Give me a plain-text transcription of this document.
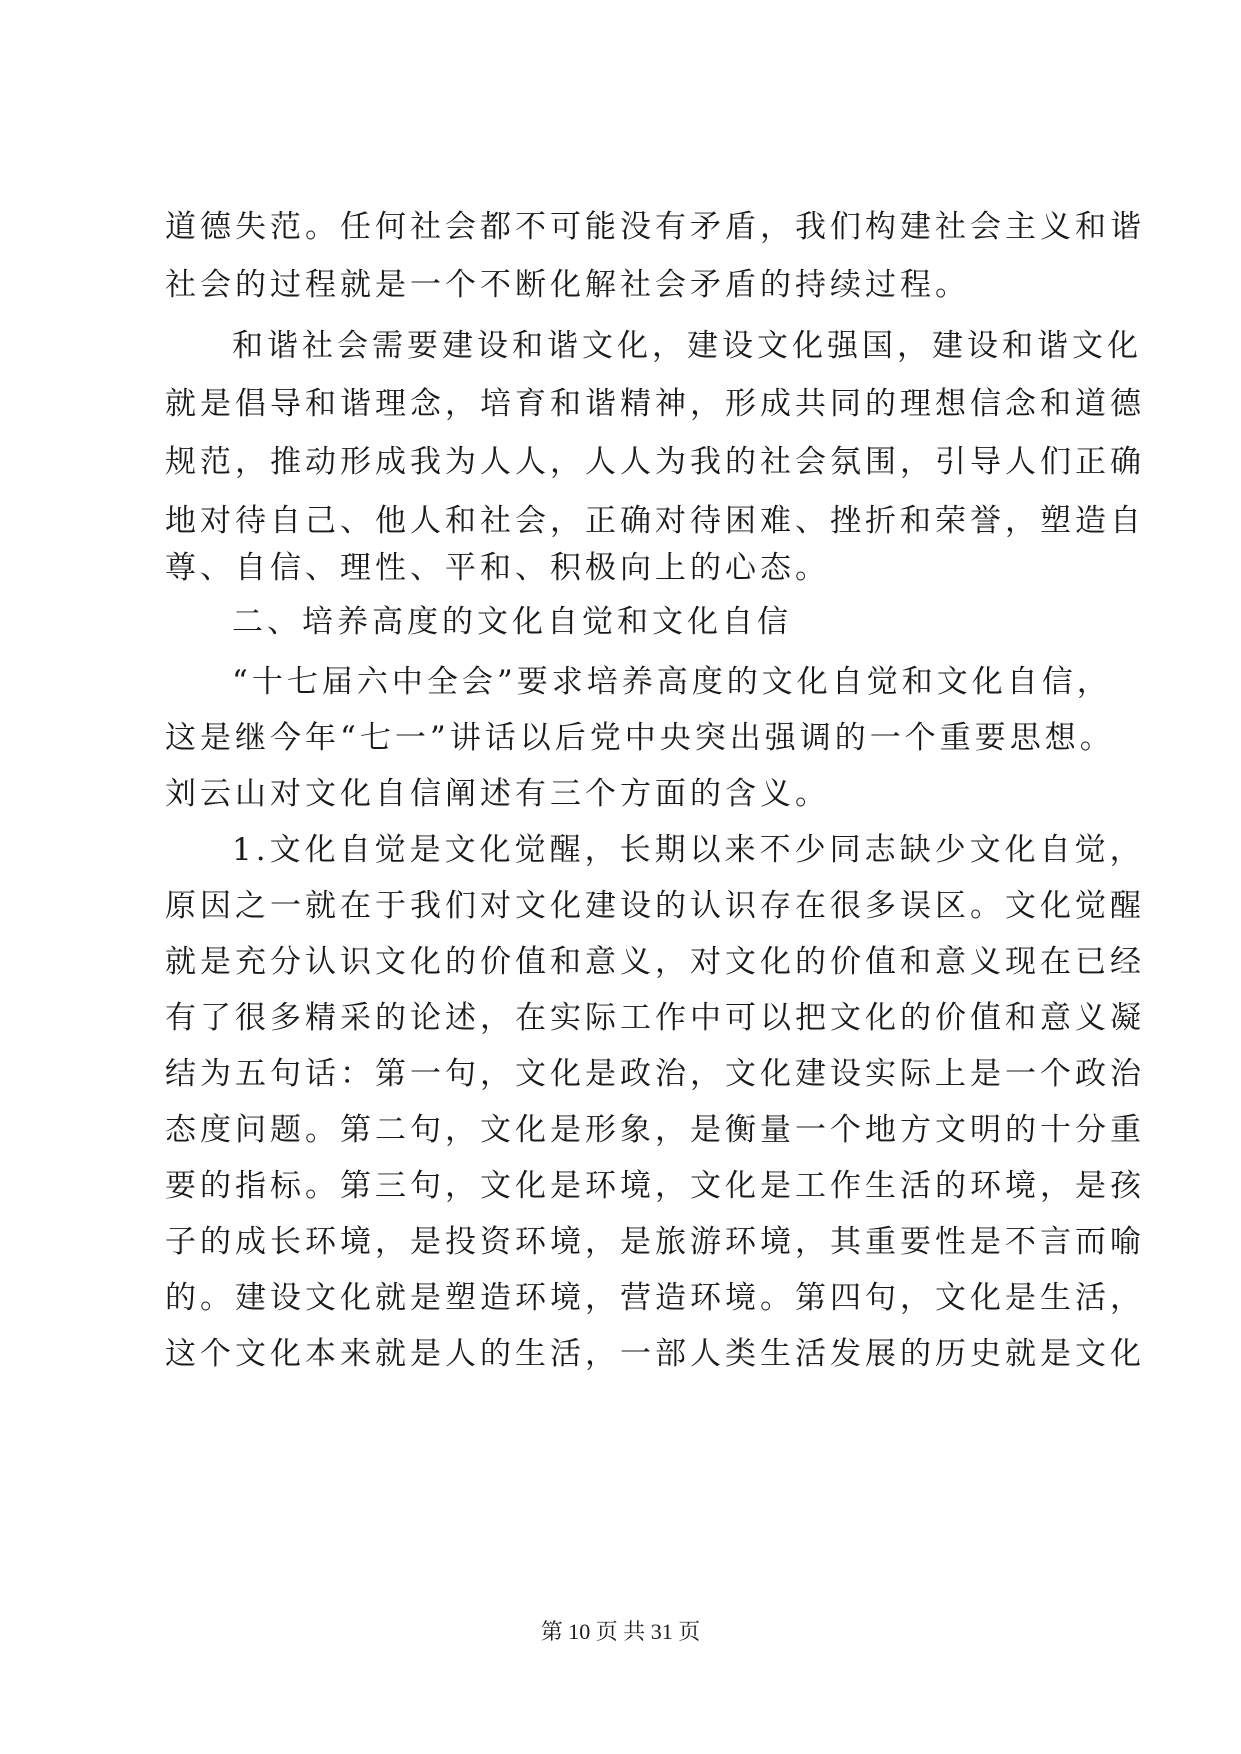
道德失范。任何社会都不可能没有矛盾，我们构建社会主义和谐
社会的过程就是一个不断化解社会矛盾的持续过程。
和谐社会需要建设和谐文化，建设文化强国，建设和谐文化
就是倡导和谐理念，培育和谐精神，形成共同的理想信念和道德
规范，推动形成我为人人，人人为我的社会氛围，引导人们正确
地对待自己、他人和社会，正确对待困难、挫折和荣誉，塑造自
尊、自信、理性、平和、积极向上的心态。
二、培养高度的文化自觉和文化自信
“十七届六中全会”要求培养高度的文化自觉和文化自信，
这是继今年“七一”讲话以后党中央突出强调的一个重要思想。
刘云山对文化自信阐述有三个方面的含义。
1.文化自觉是文化觉醒，长期以来不少同志缺少文化自觉，
原因之一就在于我们对文化建设的认识存在很多误区。文化觉醒
就是充分认识文化的价值和意义，对文化的价值和意义现在已经
有了很多精采的论述，在实际工作中可以把文化的价值和意义凝
结为五句话：第一句，文化是政治，文化建设实际上是一个政治
态度问题。第二句，文化是形象，是衡量一个地方文明的十分重
要的指标。第三句，文化是环境，文化是工作生活的环境，是孩
子的成长环境，是投资环境，是旅游环境，其重要性是不言而喻
的。建设文化就是塑造环境，营造环境。第四句，文化是生活，
这个文化本来就是人的生活，一部人类生活发展的历史就是文化
第 10 页 共 31 页
